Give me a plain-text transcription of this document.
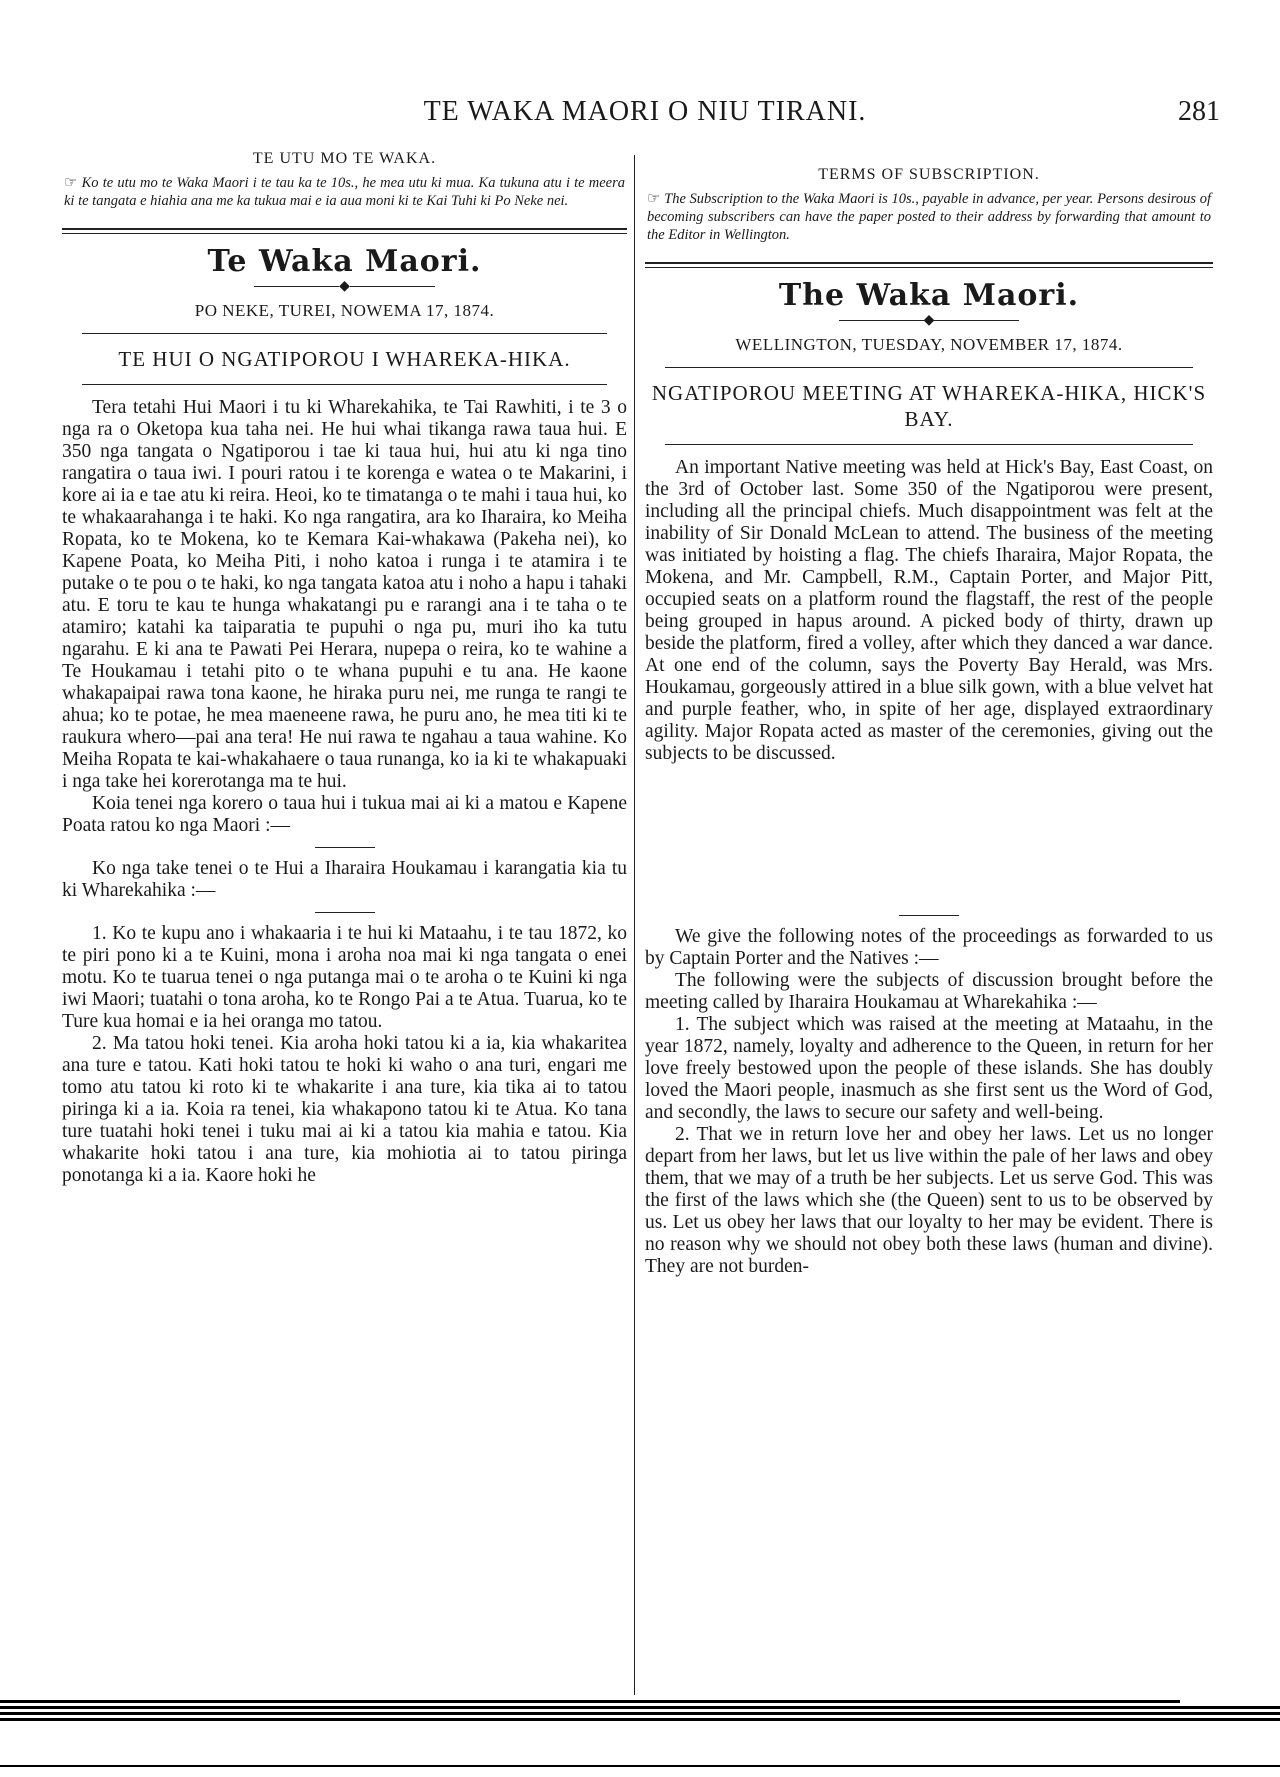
TE WAKA MAORI O NIU TIRANI.	281

TE UTU MO TE WAKA.

☞ Ko te utu mo te Waka Maori i te tau ka te 10s., he mea utu ki mua. Ka tukuna atu i te meera ki te tangata e hiahia ana me ka tukua mai e ia aua moni ki te Kai Tuhi ki Po Neke nei.

Te Waka Maori.

◆

PO NEKE, TUREI, NOWEMA 17, 1874.

TE HUI O NGATIPOROU I WHAREKA-HIKA.

Tera tetahi Hui Maori i tu ki Wharekahika, te Tai Rawhiti, i te 3 o nga ra o Oketopa kua taha nei. He hui whai tikanga rawa taua hui. E 350 nga tangata o Ngatiporou i tae ki taua hui, hui atu ki nga tino rangatira o taua iwi. I pouri ratou i te korenga e watea o te Makarini, i kore ai ia e tae atu ki reira. Heoi, ko te timatanga o te mahi i taua hui, ko te whakaarahanga i te haki. Ko nga rangatira, ara ko Iharaira, ko Meiha Ropata, ko te Mokena, ko te Kemara Kai-whakawa (Pakeha nei), ko Kapene Poata, ko Meiha Piti, i noho katoa i runga i te atamira i te putake o te pou o te haki, ko nga tangata katoa atu i noho a hapu i tahaki atu. E toru te kau te hunga whakatangi pu e rarangi ana i te taha o te atamiro; katahi ka taiparatia te pupuhi o nga pu, muri iho ka tutu ngarahu. E ki ana te Pawati Pei Herara, nupepa o reira, ko te wahine a Te Houkamau i tetahi pito o te whana pupuhi e tu ana. He kaone whakapaipai rawa tona kaone, he hiraka puru nei, me runga te rangi te ahua; ko te potae, he mea maeneene rawa, he puru ano, he mea titi ki te raukura whero—pai ana tera! He nui rawa te ngahau a taua wahine. Ko Meiha Ropata te kai-whakahaere o taua runanga, ko ia ki te whakapuaki i nga take hei korerotanga ma te hui.

Koia tenei nga korero o taua hui i tukua mai ai ki a matou e Kapene Poata ratou ko nga Maori :—

Ko nga take tenei o te Hui a Iharaira Houkamau i karangatia kia tu ki Wharekahika :—

1. Ko te kupu ano i whakaaria i te hui ki Mataahu, i te tau 1872, ko te piri pono ki a te Kuini, mona i aroha noa mai ki nga tangata o enei motu. Ko te tuarua tenei o nga putanga mai o te aroha o te Kuini ki nga iwi Maori; tuatahi o tona aroha, ko te Rongo Pai a te Atua. Tuarua, ko te Ture kua homai e ia hei oranga mo tatou.

2. Ma tatou hoki tenei. Kia aroha hoki tatou ki a ia, kia whakaritea ana ture e tatou. Kati hoki tatou te hoki ki waho o ana turi, engari me tomo atu tatou ki roto ki te whakarite i ana ture, kia tika ai to tatou piringa ki a ia. Koia ra tenei, kia whakapono tatou ki te Atua. Ko tana ture tuatahi hoki tenei i tuku mai ai ki a tatou kia mahia e tatou. Kia whakarite hoki tatou i ana ture, kia mohiotia ai to tatou piringa ponotanga ki a ia. Kaore hoki he

TERMS OF SUBSCRIPTION.

☞ The Subscription to the Waka Maori is 10s., payable in advance, per year. Persons desirous of becoming subscribers can have the paper posted to their address by forwarding that amount to the Editor in Wellington.

The Waka Maori.

◆

WELLINGTON, TUESDAY, NOVEMBER 17, 1874.

NGATIPOROU MEETING AT WHAREKA-HIKA, HICK'S BAY.

An important Native meeting was held at Hick's Bay, East Coast, on the 3rd of October last. Some 350 of the Ngatiporou were present, including all the principal chiefs. Much disappointment was felt at the inability of Sir Donald McLean to attend. The business of the meeting was initiated by hoisting a flag. The chiefs Iharaira, Major Ropata, the Mokena, and Mr. Campbell, R.M., Captain Porter, and Major Pitt, occupied seats on a platform round the flagstaff, the rest of the people being grouped in hapus around. A picked body of thirty, drawn up beside the platform, fired a volley, after which they danced a war dance. At one end of the column, says the Poverty Bay Herald, was Mrs. Houkamau, gorgeously attired in a blue silk gown, with a blue velvet hat and purple feather, who, in spite of her age, displayed extraordinary agility. Major Ropata acted as master of the ceremonies, giving out the subjects to be discussed.

We give the following notes of the proceedings as forwarded to us by Captain Porter and the Natives :—

The following were the subjects of discussion brought before the meeting called by Iharaira Houkamau at Wharekahika :—

1. The subject which was raised at the meeting at Mataahu, in the year 1872, namely, loyalty and adherence to the Queen, in return for her love freely bestowed upon the people of these islands. She has doubly loved the Maori people, inasmuch as she first sent us the Word of God, and secondly, the laws to secure our safety and well-being.

2. That we in return love her and obey her laws. Let us no longer depart from her laws, but let us live within the pale of her laws and obey them, that we may of a truth be her subjects. Let us serve God. This was the first of the laws which she (the Queen) sent to us to be observed by us. Let us obey her laws that our loyalty to her may be evident. There is no reason why we should not obey both these laws (human and divine). They are not burden-
